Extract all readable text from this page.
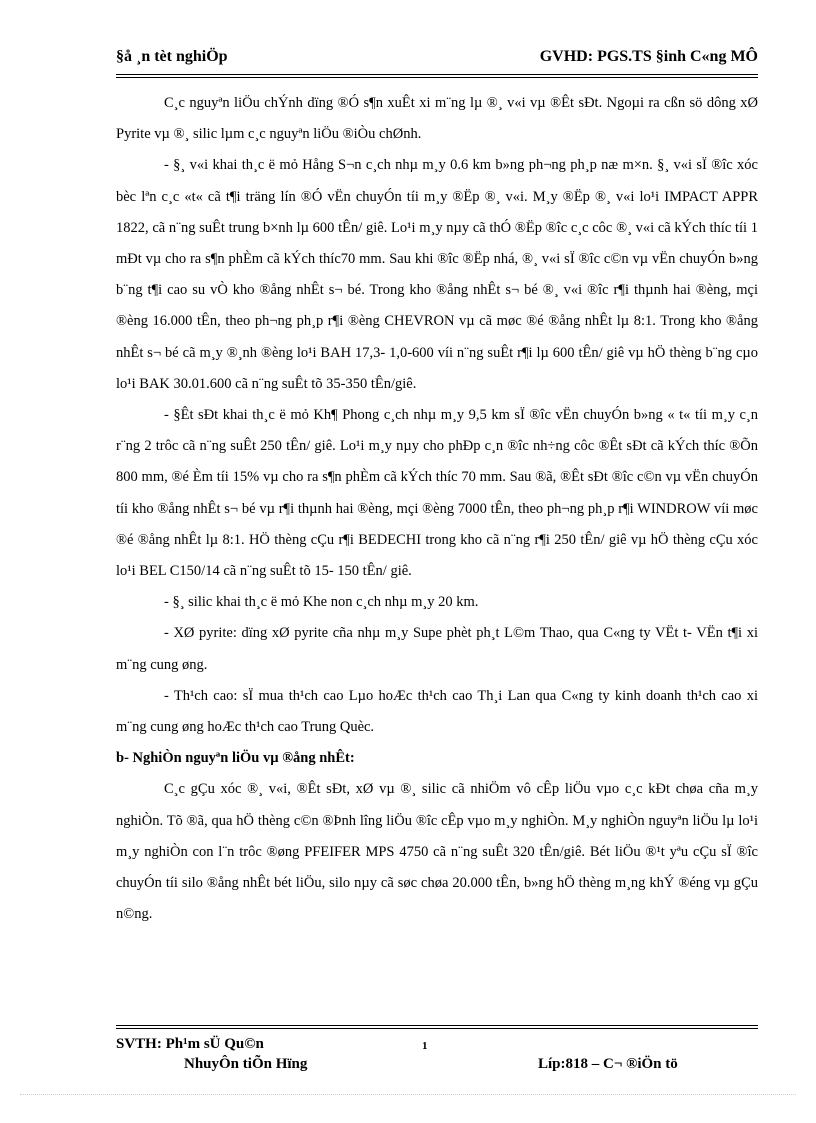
§å ¸n tèt nghiÖp	GVHD: PGS.TS §inh C«ng MÔ

C¸c nguyªn liÖu chÝnh dïng ®Ó s¶n xuÊt xi m¨ng lµ ®¸ v«i vµ ®Êt sÐt. Ngoµi ra cßn sö dông xØ Pyrite vµ ®¸ silic lµm c¸c nguyªn liÖu ®iÒu chØnh.

- §¸ v«i khai th¸c ë mỏ Hång S¬n c¸ch nhµ m¸y 0.6 km b»ng ph¬ng ph¸p næ m×n. §¸ v«i sÏ ®îc xóc bèc lªn c¸c «t« cã t¶i träng lín ®Ó vËn chuyÓn tíi m¸y ®Ëp ®¸ v«i. M¸y ®Ëp ®¸ v«i lo¹i IMPACT APPR 1822, cã n¨ng suÊt trung b×nh lµ 600 tÊn/ giê. Lo¹i m¸y nµy cã thÓ ®Ëp ®îc c¸c côc ®¸ v«i cã kÝch thíc tíi 1 mÐt vµ cho ra s¶n phÈm cã kÝch thíc70 mm. Sau khi ®îc ®Ëp nhá, ®¸ v«i sÏ ®îc c©n vµ vËn chuyÓn b»ng b¨ng t¶i cao su vÒ kho ®ång nhÊt s¬ bé. Trong kho ®ång nhÊt s¬ bé ®¸ v«i ®îc r¶i thµnh hai ®èng, mçi ®èng 16.000 tÊn, theo ph¬ng ph¸p r¶i ®èng CHEVRON vµ cã møc ®é ®ång nhÊt lµ 8:1. Trong kho ®ång nhÊt s¬ bé cã m¸y ®¸nh ®èng lo¹i BAH 17,3- 1,0-600 víi n¨ng suÊt r¶i lµ 600 tÊn/ giê vµ hÖ thèng b¨ng cµo lo¹i BAK 30.01.600 cã n¨ng suÊt tõ 35-350 tÊn/giê.

- §Êt sÐt khai th¸c ë mỏ Kh¶ Phong c¸ch nhµ m¸y 9,5 km sÏ ®îc vËn chuyÓn b»ng « t« tíi m¸y c¸n r¨ng 2 trôc cã n¨ng suÊt 250 tÊn/ giê. Lo¹i m¸y nµy cho phÐp c¸n ®îc nh÷ng côc ®Êt sÐt cã kÝch thíc ®Õn 800 mm, ®é Èm tíi 15% vµ cho ra s¶n phÈm cã kÝch thíc 70 mm. Sau ®ã, ®Êt sÐt ®îc c©n vµ vËn chuyÓn tíi kho ®ång nhÊt s¬ bé vµ r¶i thµnh hai ®èng, mçi ®èng 7000 tÊn, theo ph¬ng ph¸p r¶i WINDROW víi møc ®é ®ång nhÊt lµ 8:1. HÖ thèng cÇu r¶i BEDECHI trong kho cã n¨ng r¶i 250 tÊn/ giê vµ hÖ thèng cÇu xóc lo¹i BEL C150/14 cã n¨ng suÊt tõ 15- 150 tÊn/ giê.

- §¸ silic khai th¸c ë mỏ Khe non c¸ch nhµ m¸y 20 km.

- XØ pyrite: dïng xØ pyrite cña nhµ m¸y Supe phèt ph¸t L©m Thao, qua C«ng ty VËt t- VËn t¶i xi m¨ng cung øng.

- Th¹ch cao: sÏ mua th¹ch cao Lµo hoÆc th¹ch cao Th¸i Lan qua C«ng ty kinh doanh th¹ch cao xi m¨ng cung øng hoÆc th¹ch cao Trung Quèc.

b- NghiÒn nguyªn liÖu vµ ®ång nhÊt:

C¸c gÇu xóc ®¸ v«i, ®Êt sÐt, xØ vµ ®¸ silic cã nhiÖm vô cÊp liÖu vµo c¸c kÐt chøa cña m¸y nghiÒn. Tõ ®ã, qua hÖ thèng c©n ®Þnh lîng liÖu ®îc cÊp vµo m¸y nghiÒn. M¸y nghiÒn nguyªn liÖu lµ lo¹i m¸y nghiÒn con l¨n trôc ®øng PFEIFER MPS 4750 cã n¨ng suÊt 320 tÊn/giê. Bét liÖu ®¹t yªu cÇu sÏ ®îc chuyÓn tíi silo ®ång nhÊt bét liÖu, silo nµy cã søc chøa 20.000 tÊn, b»ng hÖ thèng m¸ng khÝ ®éng vµ gÇu n©ng.

SVTH: Ph¹m sÜ Qu©n	1
NhuyÔn tiÕn Hïng	Líp:818 – C¬ ®iÖn tö
